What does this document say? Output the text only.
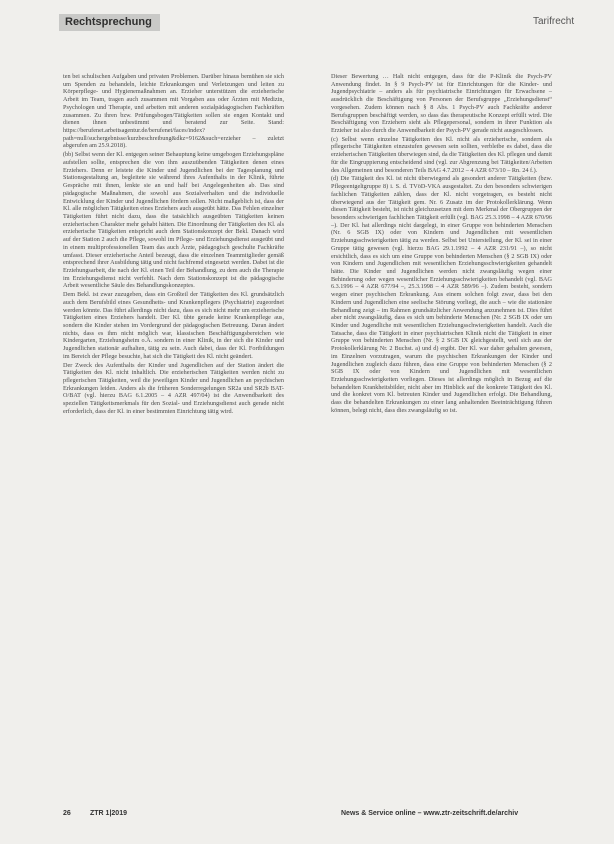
Rechtsprechung	Tarifrecht

ten bei schulischen Aufgaben und privaten Problemen. Darüber hinaus bemühen sie sich um Spenden zu behandeln, leichte Erkrankungen und Verletzungen und leiten zu Körperpflege- und Hygienemaßnahmen an. Erzieher unterstützen die erzieherische Arbeit im Team, tragen auch zusammen mit Vorgaben aus oder Ärzten mit Medizin, Psychologen und Therapie, und arbeiten mit anderen sozialpädagogischen Fachkräften zusammen. Zu ihren bzw. Prüfungsbogen/Tätigkeiten sollen sie engen Kontakt und dienen ihnen unbestimmt und beratend zur Seite. Stand: https://berufenet.arbeitsagentur.de/berufenet/faces/index?path=null/suchergebnisse/kurzbeschreibung&dkz=9162&such=erzieher – zuletzt abgerufen am 25.9.2018).

(bb) Selbst wenn der Kl. entgegen seiner Behauptung keine umgebogen Erziehungspläne aufstellen sollte, entsprechen die von ihm auszuübenden Tätigkeiten denen eines Erziehers. Denn er leistete die Kinder und Jugendlichen bei der Tagesplanung und Stationsgestaltung an, begleitete sie während ihres Aufenthalts in der Klinik, führte Gespräche mit ihnen, lenkte sie an und half bei Angelegenheiten ab. Das sind pädagogische Maßnahmen, die sowohl aus Sozialverhalten und die individuelle Entwicklung der Kinder und Jugendlichen fördern sollen. Nicht maßgeblich ist, dass der Kl. alle möglichen Tätigkeiten eines Erziehers auch ausgeübt hätte. Das Fehlen einzelner Tätigkeiten führt nicht dazu, dass die tatsächlich ausgeübten Tätigkeiten keinen erzieherischen Charakter mehr gehabt hätten. Die Einordnung der Tätigkeiten des Kl. als erzieherische Tätigkeiten entspricht auch dem Stationskonzept der Bekl. Danach wird auf der Station 2 auch die Pflege, sowohl im Pflege- und Erziehungsdienst ausgeübt und in einem multiprofessionellen Team das auch Ärzte, pädagogisch geschulte Fachkräfte umfasst. Dieser erzieherische Anteil bezeugt, dass die einzelnen Teammitglieder gemäß entsprechend ihrer Ausbildung tätig und nicht fachfremd eingesetzt werden. Dabei ist die Erziehungsarbeit, die nach der Kl. einen Teil der Behandlung, zu dem auch die Therapie im Erziehungsdienst nicht verfehlt. Nach dem Stationskonzept ist die pädagogische Arbeit wesentliche Säule des Behandlungskonzeptes.

Dem Bekl. ist zwar zuzugeben, dass ein Großteil der Tätigkeiten des Kl. grundsätzlich auch dem Berufsbild eines Gesundheits- und Krankenpflegers (Psychiatrie) zugeordnet werden könnte. Das führt allerdings nicht dazu, dass es sich nicht mehr um erzieherische Tätigkeiten eines Erziehers handelt. Der Kl. übte gerade keine Krankenpflege aus, sondern die Kinder stehen im Vordergrund der pädagogischen Betreuung. Daran ändert nichts, dass es ihm nicht möglich war, klassischen Beschäftigungsbereichen wie Kindergarten, Erziehungsheim o.Ä. sondern in einer Klinik, in der sich die Kinder und Jugendlichen stationär aufhalten, tätig zu sein. Auch dabei, dass der Kl. Fortbildungen im Bereich der Pflege besuchte, hat sich die Tätigkeit des Kl. nicht geändert.

Der Zweck des Aufenthalts der Kinder und Jugendlichen auf der Station ändert die Tätigkeiten des Kl. nicht inhaltlich. Die erzieherischen Tätigkeiten werden nicht zu pflegerischen Tätigkeiten, weil die jeweiligen Kinder und Jugendlichen an psychischen Erkrankungen leiden. Anders als die früheren Sonderregelungen SR2a und SR2b BAT-O/BAT (vgl. hierzu BAG 6.1.2005 – 4 AZR 497/04) ist die Anwendbarkeit des speziellen Tätigkeitsmerkmals für den Sozial- und Erziehungsdienst auch gerade nicht erforderlich, dass der Kl. in einer bestimmten Einrichtung tätig wird.

Dieser Bewertung … Halt nicht entgegen, dass für die P-Klinik die Psych-PV Anwendung findet. In § 9 Psych-PV ist für Einrichtungen für die Kinder- und Jugendpsychiatrie – anders als für psychiatrische Einrichtungen für Erwachsene – ausdrücklich die Beschäftigung von Personen der Berufsgruppe „Erziehungsdienst“ vorgesehen. Zudem können nach § 8 Abs. 1 Psych-PV auch Fachkräfte anderer Berufsgruppen beschäftigt werden, so dass das therapeutische Konzept erfüllt wird. Die Beschäftigung von Erziehern sieht als Pflegepersonal, sondern in ihrer Funktion als Erzieher ist also durch die Anwendbarkeit der Psych-PV gerade nicht ausgeschlossen.

(c) Selbst wenn einzelne Tätigkeiten des Kl. nicht als erzieherische, sondern als pflegerische Tätigkeiten einzustufen gewesen sein sollten, verbleibe es dabei, dass die erzieherischen Tätigkeiten überwiegen sind, da die Tätigkeiten des Kl. pflegen und damit für die Eingruppierung entscheidend sind (vgl. zur Abgrenzung bei Tätigkeiten/Arbeiten des Allgemeinen und besonderen Teils BAG 4.7.2012 – 4 AZR 673/10 – Rn. 24 f.).

(d) Die Tätigkeit des Kl. ist nicht überwiegend als gesondert anderer Tätigkeiten (bzw. Pflegeentgeltgruppe 8) i. S. d. TVöD-VKA ausgestaltet. Zu den besonders schwierigen fachlichen Tätigkeiten zählen, dass der Kl. nicht vorgetragen, es besteht nicht überwiegend aus der Tätigkeit gem. Nr. 6 Zusatz im der Protokollerklärung. Wenn diesen Tätigkeit besteht, ist nicht gleichzusetzen mit dem Merkmal der Obergruppen der besonders schwierigen fachlichen Tätigkeit erfüllt (vgl. BAG 25.3.1998 – 4 AZR 670/96 –). Der Kl. hat allerdings nicht dargelegt, in einer Gruppe von behinderten Menschen (Nr. 6 SGB IX) oder von Kindern und Jugendlichen mit wesentlichen Erziehungsschwierigkeiten tätig zu werden. Selbst bei Unterstellung, der Kl. sei in einer Gruppe tätig gewesen (vgl. hierzu BAG 29.1.1992 – 4 AZR 231/91 –), so nicht ersichtlich, dass es sich um eine Gruppe von behinderten Menschen (§ 2 SGB IX) oder von Kindern und Jugendlichen mit wesentlichen Erziehungsschwierigkeiten gehandelt hätte. Die Kinder und Jugendlichen werden nicht zwangsläufig wegen einer Behinderung oder wegen wesentlicher Erziehungsschwierigkeiten behandelt (vgl. BAG 6.3.1996 – 4 AZR 677/94 –, 25.3.1998 – 4 AZR 589/96 –). Zudem besteht, sondern wegen einer psychischen Erkrankung. Aus einem solchen folgt zwar, dass bei den Kindern und Jugendlichen eine seelische Störung vorliegt, die auch – wie die stationäre Behandlung zeigt – im Rahmen grundsätzlicher Anwendung anzunehmen ist. Dies führt aber nicht zwangsläufig, dass es sich um behinderte Menschen (Nr. 2 SGB IX oder um Kinder und Jugendliche mit wesentlichen Erziehungsschwierigkeiten handelt. Auch die Tatsache, dass die Tätigkeit in einer psychiatrischen Klinik nicht die Tätigkeit in einer Gruppe von behinderten Menschen (Nr. § 2 SGB IX gleichgestellt, weil sich aus der Protokollerklärung Nr. 2 Buchst. a) und d) ergibt. Der Kl. war daher gehalten gewesen, im Einzelnen vorzutragen, warum die psychischen Erkrankungen der Kinder und Jugendlichen zugleich dazu führen, dass eine Gruppe von behinderten Menschen (§ 2 SGB IX oder von Kindern und Jugendlichen mit wesentlichen Erziehungsschwierigkeiten vorliegen. Dieses ist allerdings möglich in Bezug auf die behandelten Krankheitsbilder, nicht aber im Hinblick auf die konkrete Tätigkeit des Kl. und die konkret vom Kl. betreuten Kinder und Jugendlichen erfolgt. Die Behandlung, dass die behandelten Erkrankungen zu einer lang anhaltenden Beeinträchtigung führen können, belegt nicht, dass dies zwangsläufig so ist.

26	ZTR 1|2019	News & Service online – www.ztr-zeitschrift.de/archiv
